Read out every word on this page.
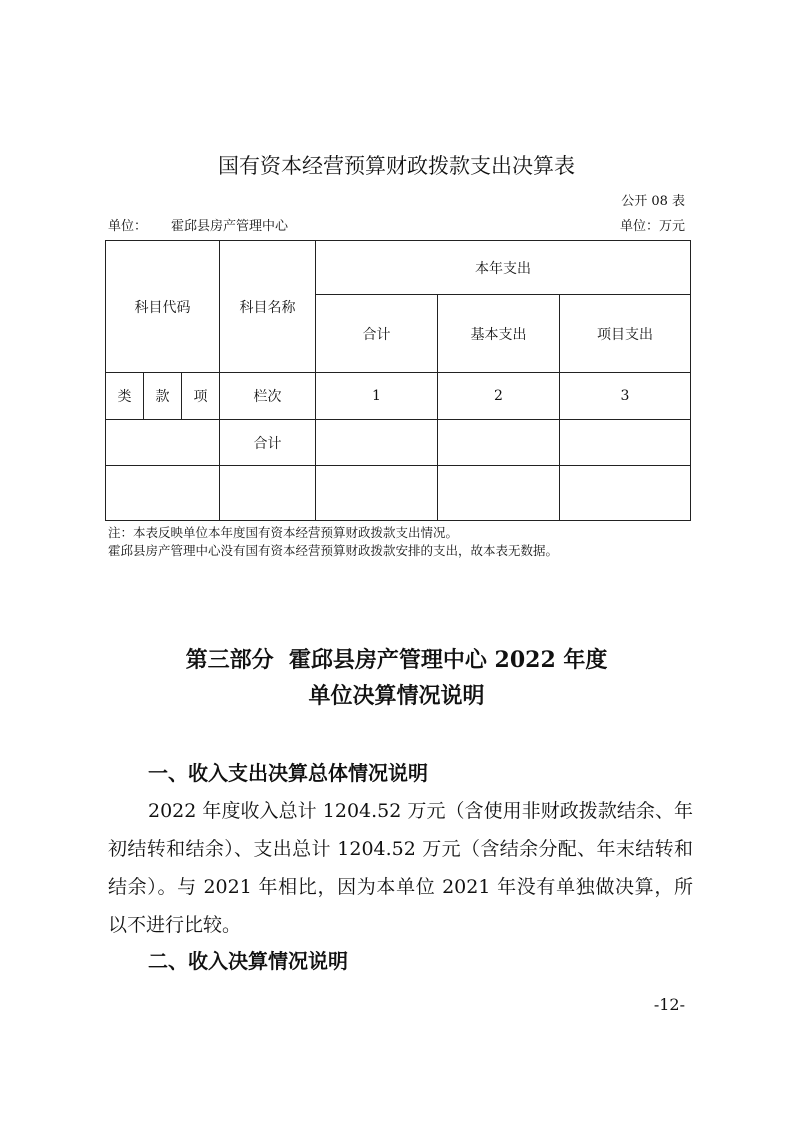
国有资本经营预算财政拨款支出决算表
公开 08 表
单位： 霍邱县房产管理中心	单位：万元
科目代码			科目名称	本年支出		
				合计	基本支出	项目支出
类	款	项	栏次	1	2	3
			合计			

注：本表反映单位本年度国有资本经营预算财政拨款支出情况。
霍邱县房产管理中心没有国有资本经营预算财政拨款安排的支出，故本表无数据。
第三部分  霍邱县房产管理中心 2022 年度
单位决算情况说明
一、收入支出决算总体情况说明
2022 年度收入总计 1204.52 万元（含使用非财政拨款结余、年初结转和结余）、支出总计 1204.52 万元（含结余分配、年末结转和结余）。与 2021 年相比，因为本单位 2021 年没有单独做决算，所以不进行比较。
二、收入决算情况说明
-12-
